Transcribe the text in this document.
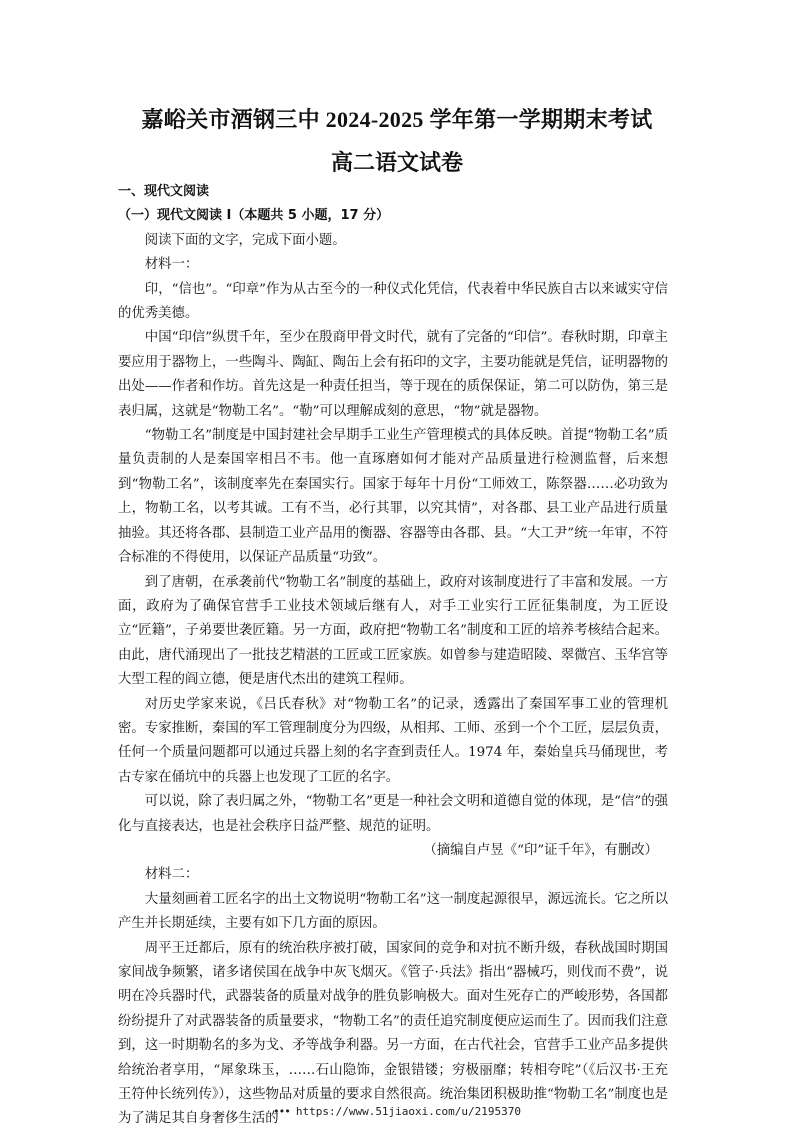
嘉峪关市酒钢三中 2024-2025 学年第一学期期末考试
高二语文试卷

一、现代文阅读

（一）现代文阅读 I（本题共 5 小题，17 分）

阅读下面的文字，完成下面小题。

材料一：

印，“信也”。“印章”作为从古至今的一种仪式化凭信，代表着中华民族自古以来诚实守信的优秀美德。

中国“印信”纵贯千年，至少在殷商甲骨文时代，就有了完备的“印信”。春秋时期，印章主要应用于器物上，一些陶斗、陶缸、陶缶上会有拓印的文字，主要功能就是凭信，证明器物的出处——作者和作坊。首先这是一种责任担当，等于现在的质保保证，第二可以防伪，第三是表归属，这就是“物勒工名”。“勒”可以理解成刻的意思，“物”就是器物。

“物勒工名”制度是中国封建社会早期手工业生产管理模式的具体反映。首提“物勒工名”质量负责制的人是秦国宰相吕不韦。他一直琢磨如何才能对产品质量进行检测监督，后来想到“物勒工名”，该制度率先在秦国实行。国家于每年十月份“工师效工，陈祭器……必功致为上，物勒工名，以考其诚。工有不当，必行其罪，以究其情”，对各郡、县工业产品进行质量抽验。其还将各郡、县制造工业产品用的衡器、容器等由各郡、县。“大工尹”统一年审，不符合标准的不得使用，以保证产品质量“功致”。

到了唐朝，在承袭前代“物勒工名”制度的基础上，政府对该制度进行了丰富和发展。一方面，政府为了确保官营手工业技术领域后继有人，对手工业实行工匠征集制度，为工匠设立“匠籍”，子弟要世袭匠籍。另一方面，政府把“物勒工名”制度和工匠的培养考核结合起来。由此，唐代涌现出了一批技艺精湛的工匠或工匠家族。如曾参与建造昭陵、翠微宫、玉华宫等大型工程的阎立德，便是唐代杰出的建筑工程师。

对历史学家来说，《吕氏春秋》对“物勒工名”的记录，透露出了秦国军事工业的管理机密。专家推断，秦国的军工管理制度分为四级，从相邦、工师、丞到一个个工匠，层层负责，任何一个质量问题都可以通过兵器上刻的名字查到责任人。1974 年，秦始皇兵马俑现世，考古专家在俑坑中的兵器上也发现了工匠的名字。

可以说，除了表归属之外，“物勒工名”更是一种社会文明和道德自觉的体现，是“信”的强化与直接表达，也是社会秩序日益严整、规范的证明。

（摘编自卢昱《“印”证千年》，有删改）

材料二：

大量刻画着工匠名字的出土文物说明“物勒工名”这一制度起源很早，源远流长。它之所以产生并长期延续，主要有如下几方面的原因。

周平王迁都后，原有的统治秩序被打破，国家间的竞争和对抗不断升级，春秋战国时期国家间战争频繁，诸多诸侯国在战争中灰飞烟灭。《管子·兵法》指出“器械巧，则伐而不费”，说明在冷兵器时代，武器装备的质量对战争的胜负影响极大。面对生死存亡的严峻形势，各国都纷纷提升了对武器装备的质量要求，“物勒工名”的责任追究制度便应运而生了。因而我们注意到，这一时期勒名的多为戈、矛等战争利器。另一方面，在古代社会，官营手工业产品多提供给统治者享用，“犀象珠玉，……石山隐饰，金银错镂；穷极丽靡；转相夸咤”（《后汉书·王充王符仲长统列传》），这些物品对质量的要求自然很高。统治集团积极助推“物勒工名”制度也是为了满足其自身奢侈生活的

••• https://www.51jiaoxi.com/u/2195370
